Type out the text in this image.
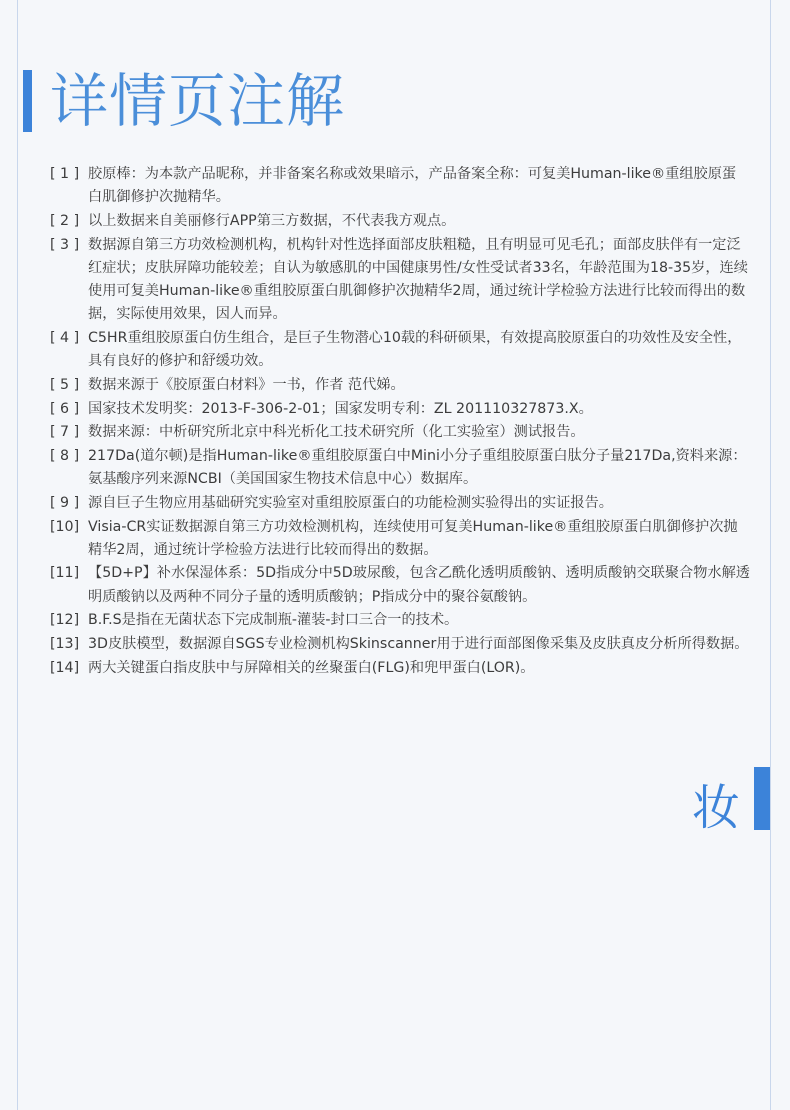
详情页注解
[ 1 ] 胶原棒：为本款产品昵称，并非备案名称或效果暗示，产品备案全称：可复美Human-like®重组胶原蛋白肌御修护次抛精华。
[ 2 ] 以上数据来自美丽修行APP第三方数据，不代表我方观点。
[ 3 ] 数据源自第三方功效检测机构，机构针对性选择面部皮肤粗糙，且有明显可见毛孔；面部皮肤伴有一定泛红症状；皮肤屏障功能较差；自认为敏感肌的中国健康男性/女性受试者33名，年龄范围为18-35岁，连续使用可复美Human-like®重组胶原蛋白肌御修护次抛精华2周，通过统计学检验方法进行比较而得出的数据，实际使用效果，因人而异。
[ 4 ] C5HR重组胶原蛋白仿生组合，是巨子生物潜心10载的科研硕果，有效提高胶原蛋白的功效性及安全性，具有良好的修护和舒缓功效。
[ 5 ] 数据来源于《胶原蛋白材料》一书，作者 范代娣。
[ 6 ] 国家技术发明奖：2013-F-306-2-01；国家发明专利：ZL 201110327873.X。
[ 7 ] 数据来源：中析研究所北京中科光析化工技术研究所（化工实验室）测试报告。
[ 8 ] 217Da(道尔顿)是指Human-like®重组胶原蛋白中Mini小分子重组胶原蛋白肽分子量217Da,资料来源：氨基酸序列来源NCBI（美国国家生物技术信息中心）数据库。
[ 9 ] 源自巨子生物应用基础研究实验室对重组胶原蛋白的功能检测实验得出的实证报告。
[10] Visia-CR实证数据源自第三方功效检测机构，连续使用可复美Human-like®重组胶原蛋白肌御修护次抛精华2周，通过统计学检验方法进行比较而得出的数据。
[11] 【5D+P】补水保湿体系：5D指成分中5D玻尿酸，包含乙酰化透明质酸钠、透明质酸钠交联聚合物水解透明质酸钠以及两种不同分子量的透明质酸钠；P指成分中的聚谷氨酸钠。
[12] B.F.S是指在无菌状态下完成制瓶-灌装-封口三合一的技术。
[13] 3D皮肤模型，数据源自SGS专业检测机构Skinscanner用于进行面部图像采集及皮肤真皮分析所得数据。
[14] 两大关键蛋白指皮肤中与屏障相关的丝聚蛋白(FLG)和兜甲蛋白(LOR)。
妆
